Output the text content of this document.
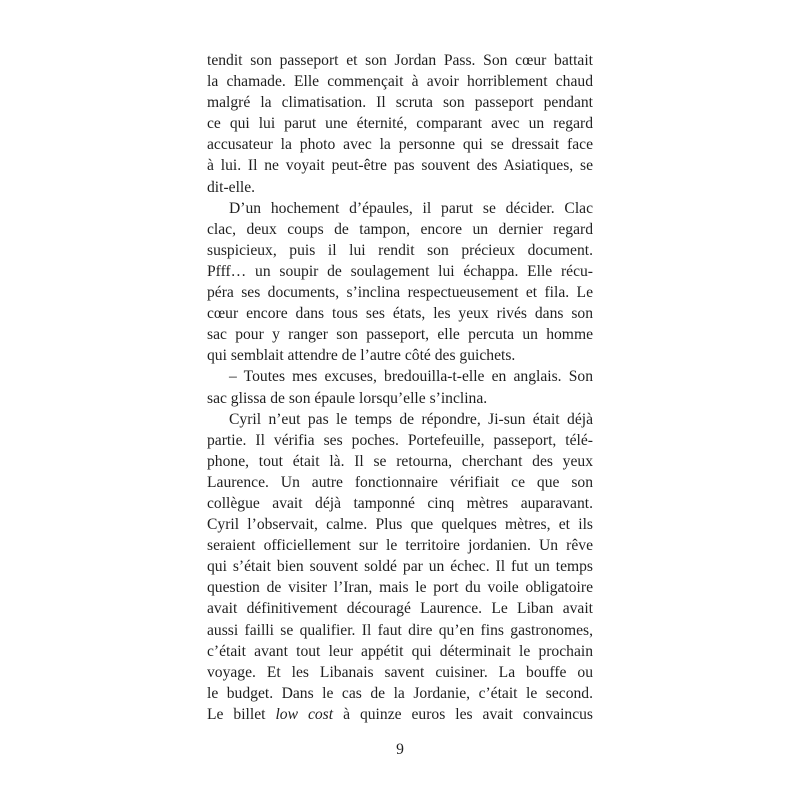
tendit son passeport et son Jordan Pass. Son cœur battait
la chamade. Elle commençait à avoir horriblement chaud
malgré la climatisation. Il scruta son passeport pendant
ce qui lui parut une éternité, comparant avec un regard
accusateur la photo avec la personne qui se dressait face
à lui. Il ne voyait peut-être pas souvent des Asiatiques, se
dit-elle.
D’un hochement d’épaules, il parut se décider. Clac
clac, deux coups de tampon, encore un dernier regard
suspicieux, puis il lui rendit son précieux document.
Pfff… un soupir de soulagement lui échappa. Elle récu-
péra ses documents, s’inclina respectueusement et fila. Le
cœur encore dans tous ses états, les yeux rivés dans son
sac pour y ranger son passeport, elle percuta un homme
qui semblait attendre de l’autre côté des guichets.
– Toutes mes excuses, bredouilla-t-elle en anglais. Son
sac glissa de son épaule lorsqu’elle s’inclina.
Cyril n’eut pas le temps de répondre, Ji-sun était déjà
partie. Il vérifia ses poches. Portefeuille, passeport, télé-
phone, tout était là. Il se retourna, cherchant des yeux
Laurence. Un autre fonctionnaire vérifiait ce que son
collègue avait déjà tamponné cinq mètres auparavant.
Cyril l’observait, calme. Plus que quelques mètres, et ils
seraient officiellement sur le territoire jordanien. Un rêve
qui s’était bien souvent soldé par un échec. Il fut un temps
question de visiter l’Iran, mais le port du voile obligatoire
avait définitivement découragé Laurence. Le Liban avait
aussi failli se qualifier. Il faut dire qu’en fins gastronomes,
c’était avant tout leur appétit qui déterminait le prochain
voyage. Et les Libanais savent cuisiner. La bouffe ou
le budget. Dans le cas de la Jordanie, c’était le second.
Le billet low cost à quinze euros les avait convaincus
9
